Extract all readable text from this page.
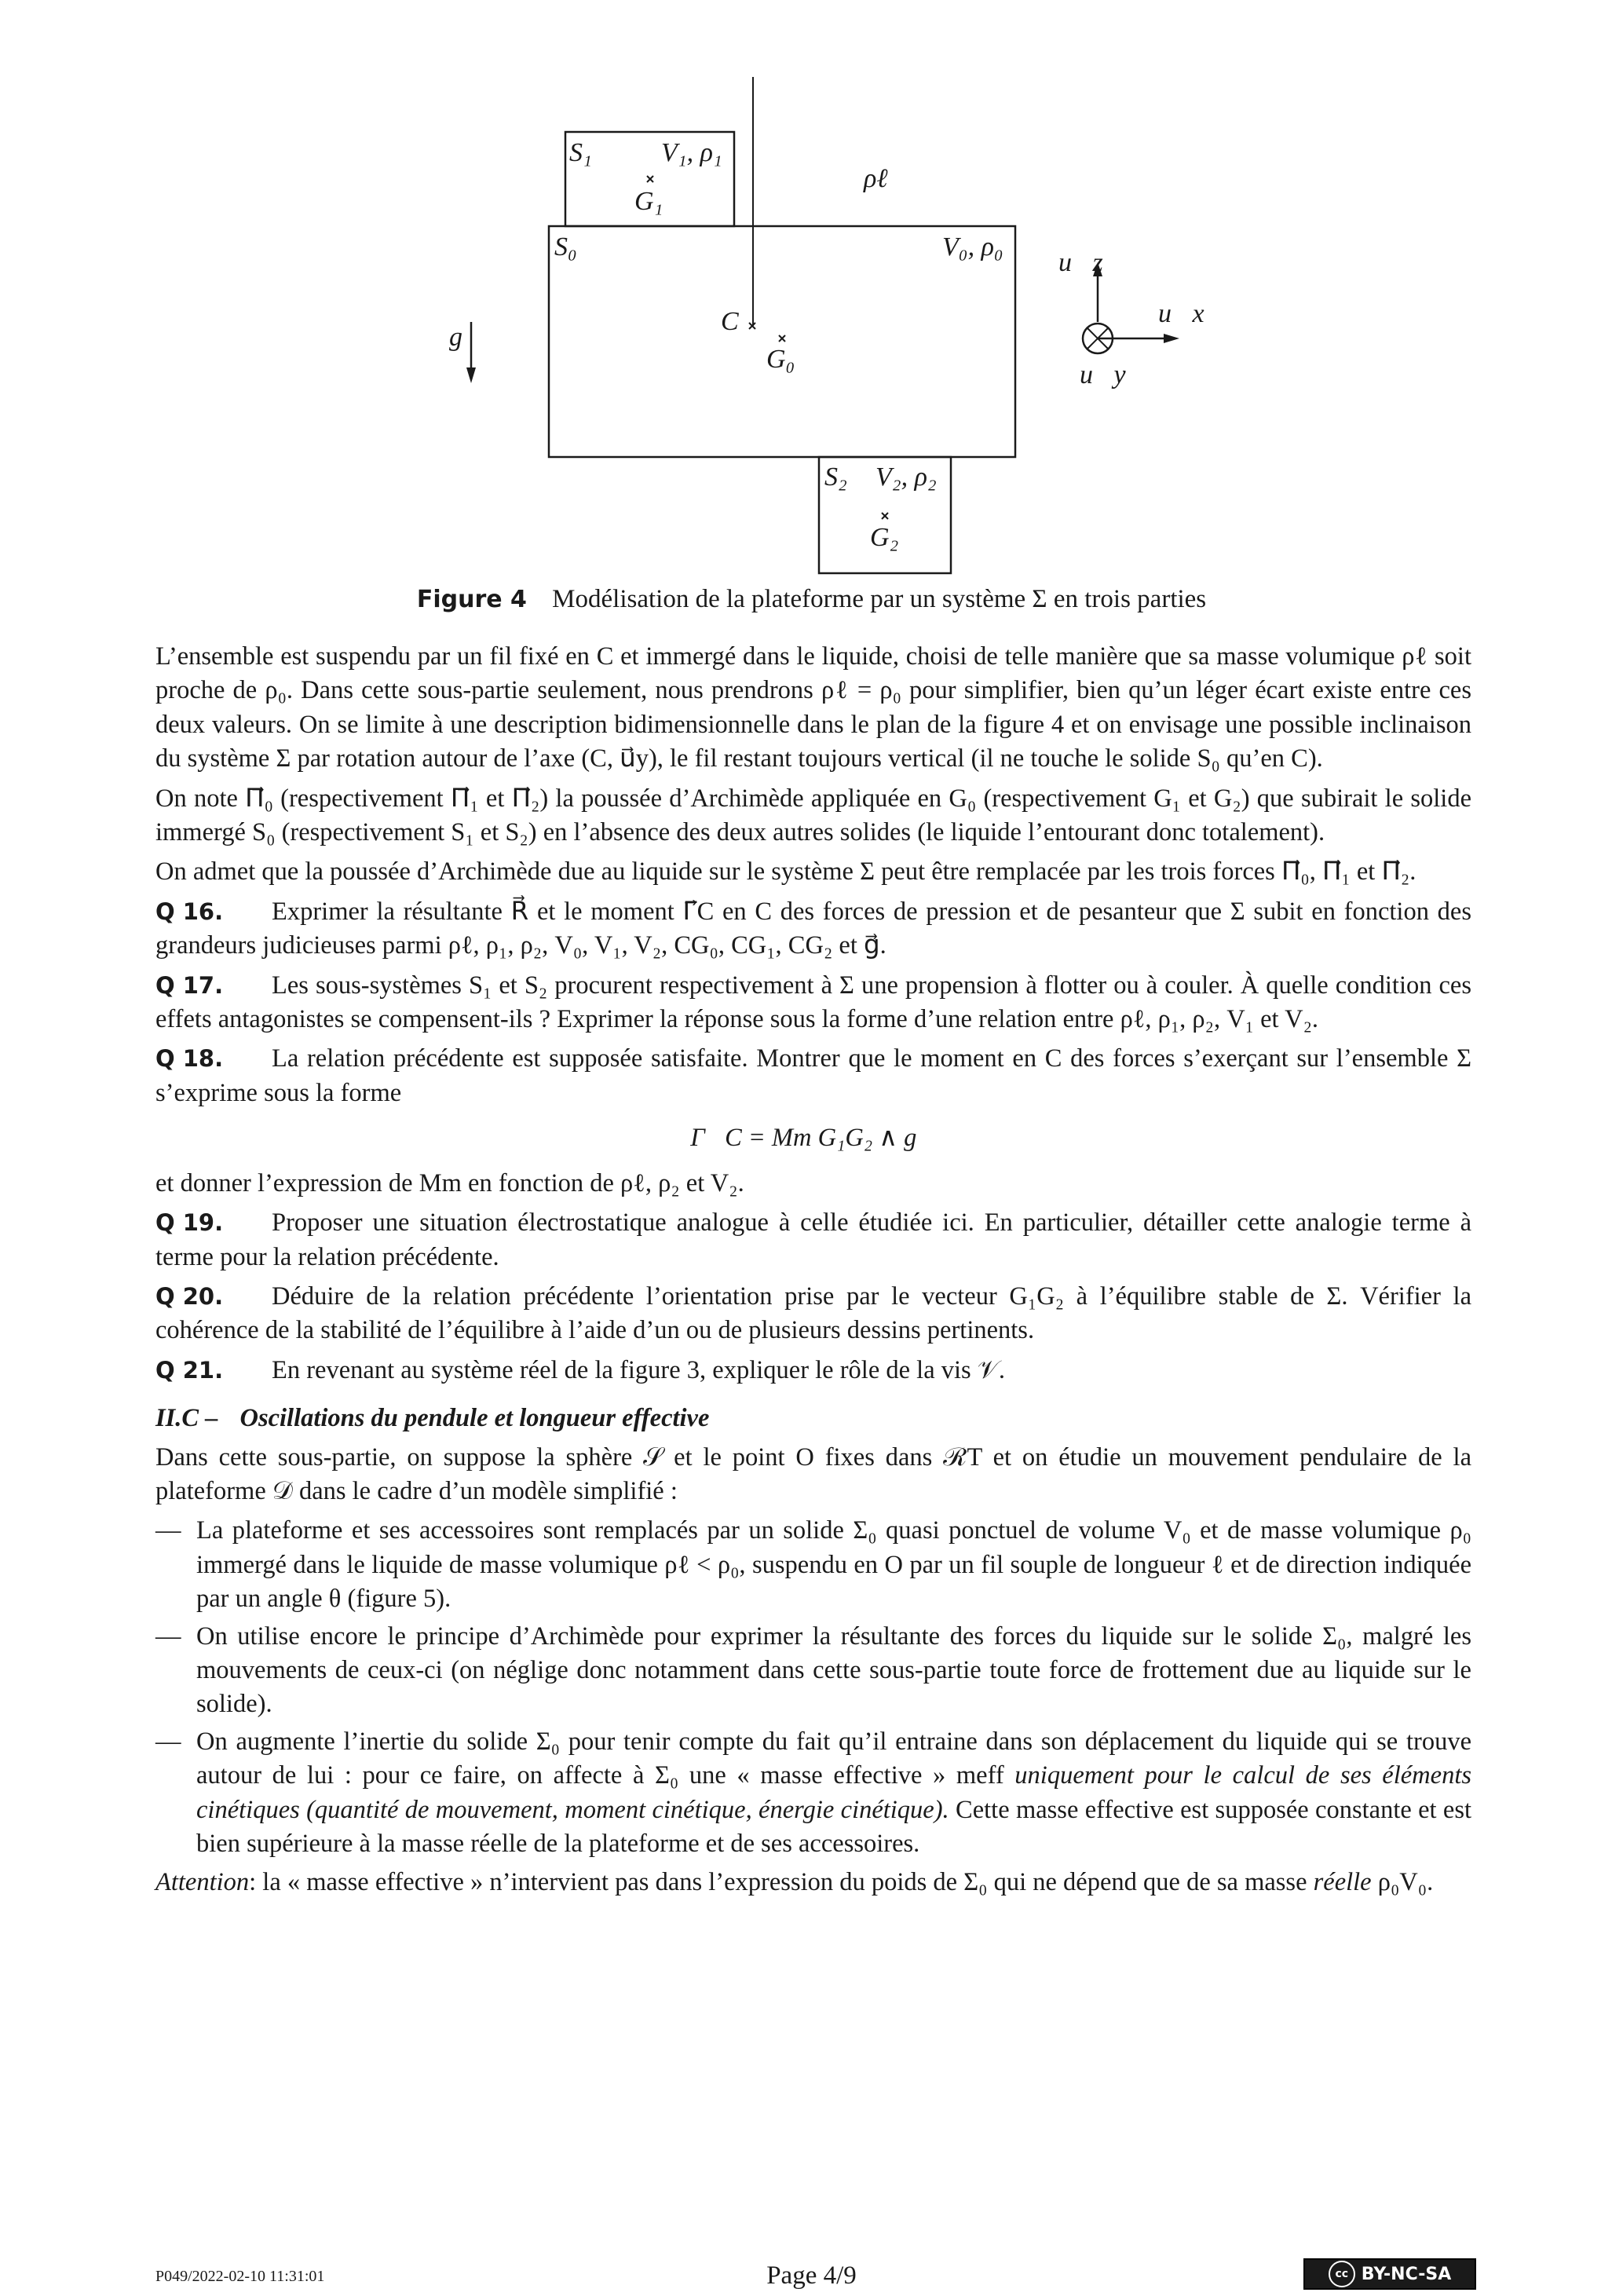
S₁	V₁, ρ₁
G₁
ρℓ
S₀	V₀, ρ₀
u⃗z
u⃗x
u⃗y
g⃗
C
G₀
S₂ V₂, ρ₂
G₂
Figure 4 Modélisation de la plateforme par un système Σ en trois parties

L’ensemble est suspendu par un fil fixé en C et immergé dans le liquide, choisi de telle manière que sa masse volumique ρℓ soit proche de ρ₀. Dans cette sous-partie seulement, nous prendrons ρℓ = ρ₀ pour simplifier, bien qu’un léger écart existe entre ces deux valeurs. On se limite à une description bidimensionnelle dans le plan de la figure 4 et on envisage une possible inclinaison du système Σ par rotation autour de l’axe (C, u⃗y), le fil restant toujours vertical (il ne touche le solide S₀ qu’en C).

On note Π⃗₀ (respectivement Π⃗₁ et Π⃗₂) la poussée d’Archimède appliquée en G₀ (respectivement G₁ et G₂) que subirait le solide immergé S₀ (respectivement S₁ et S₂) en l’absence des deux autres solides (le liquide l’entourant donc totalement).

On admet que la poussée d’Archimède due au liquide sur le système Σ peut être remplacée par les trois forces Π⃗₀, Π⃗₁ et Π⃗₂.

Q 16. Exprimer la résultante R⃗ et le moment Γ⃗C en C des forces de pression et de pesanteur que Σ subit en fonction des grandeurs judicieuses parmi ρℓ, ρ₁, ρ₂, V₀, V₁, V₂, CG₀, CG₁, CG₂ et g⃗.

Q 17. Les sous-systèmes S₁ et S₂ procurent respectivement à Σ une propension à flotter ou à couler. À quelle condition ces effets antagonistes se compensent-ils ? Exprimer la réponse sous la forme d’une relation entre ρℓ, ρ₁, ρ₂, V₁ et V₂.

Q 18. La relation précédente est supposée satisfaite. Montrer que le moment en C des forces s’exerçant sur l’ensemble Σ s’exprime sous la forme

Γ⃗C = Mm G₁G₂ ∧ g⃗

et donner l’expression de Mm en fonction de ρℓ, ρ₂ et V₂.

Q 19. Proposer une situation électrostatique analogue à celle étudiée ici. En particulier, détailler cette analogie terme à terme pour la relation précédente.

Q 20. Déduire de la relation précédente l’orientation prise par le vecteur G₁G₂ à l’équilibre stable de Σ. Vérifier la cohérence de la stabilité de l’équilibre à l’aide d’un ou de plusieurs dessins pertinents.

Q 21. En revenant au système réel de la figure 3, expliquer le rôle de la vis 𝒱.

II.C – Oscillations du pendule et longueur effective

Dans cette sous-partie, on suppose la sphère 𝒮 et le point O fixes dans ℛT et on étudie un mouvement pendulaire de la plateforme 𝒟 dans le cadre d’un modèle simplifié :

— La plateforme et ses accessoires sont remplacés par un solide Σ₀ quasi ponctuel de volume V₀ et de masse volumique ρ₀ immergé dans le liquide de masse volumique ρℓ < ρ₀, suspendu en O par un fil souple de longueur ℓ et de direction indiquée par un angle θ (figure 5).
— On utilise encore le principe d’Archimède pour exprimer la résultante des forces du liquide sur le solide Σ₀, malgré les mouvements de ceux-ci (on néglige donc notamment dans cette sous-partie toute force de frottement due au liquide sur le solide).
— On augmente l’inertie du solide Σ₀ pour tenir compte du fait qu’il entraine dans son déplacement du liquide qui se trouve autour de lui : pour ce faire, on affecte à Σ₀ une « masse effective » meff uniquement pour le calcul de ses éléments cinétiques (quantité de mouvement, moment cinétique, énergie cinétique). Cette masse effective est supposée constante et est bien supérieure à la masse réelle de la plateforme et de ses accessoires.

Attention: la « masse effective » n’intervient pas dans l’expression du poids de Σ₀ qui ne dépend que de sa masse réelle ρ₀V₀.

P049/2022-02-10 11:31:01	Page 4/9	cc BY-NC-SA
